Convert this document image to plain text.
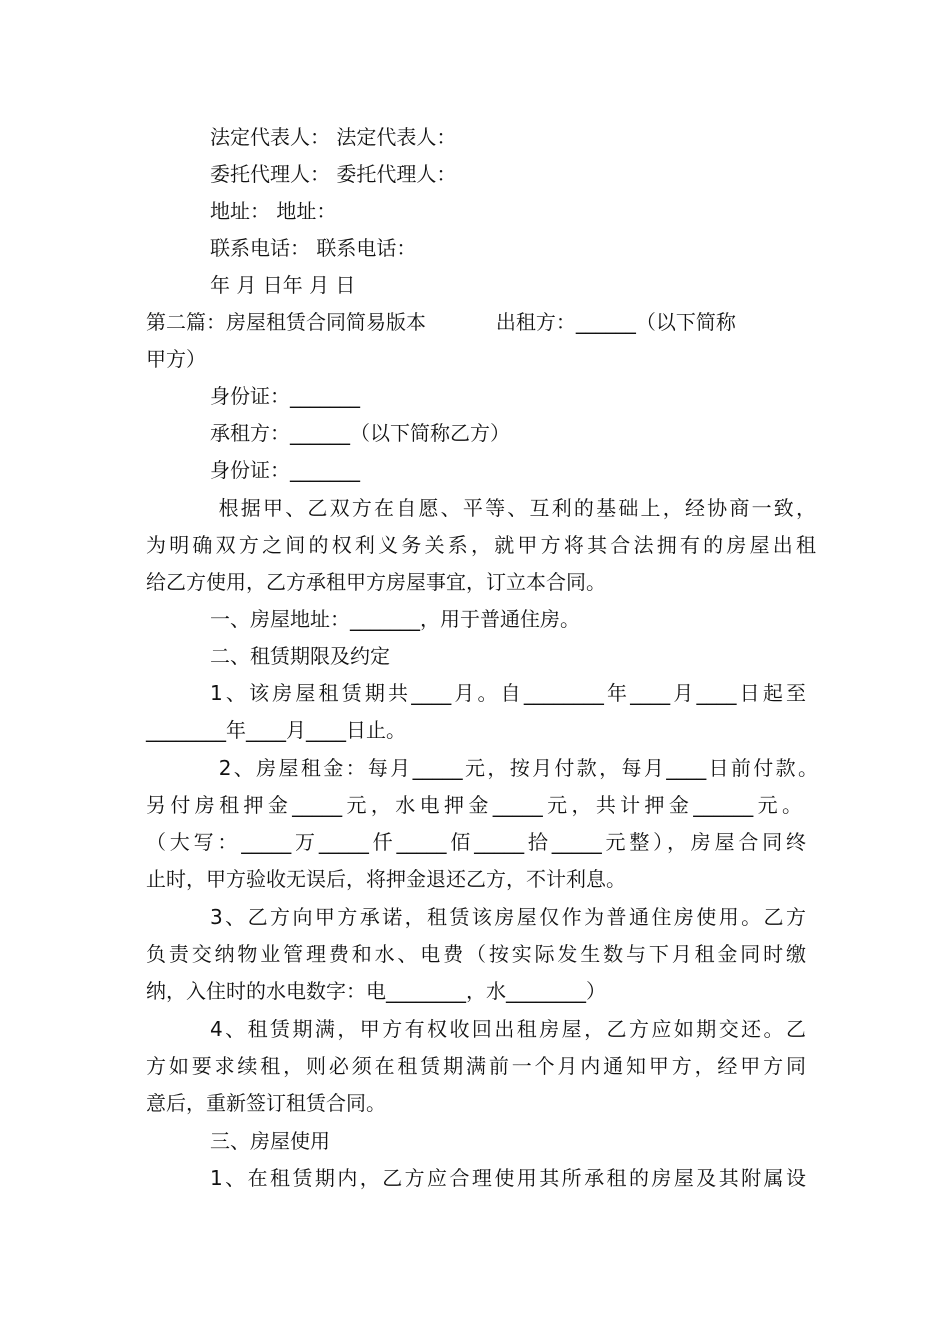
法定代表人： 法定代表人：

委托代理人： 委托代理人：

地址： 地址：

联系电话： 联系电话：

年 月 日年 月 日

第二篇：房屋租赁合同简易版本           出租方：______（以下简称

甲方）

身份证：_______

承租方：______（以下简称乙方）

身份证：_______

根据甲、乙双方在自愿、平等、互利的基础上，经协商一致，

为明确双方之间的权利义务关系，就甲方将其合法拥有的房屋出租

给乙方使用，乙方承租甲方房屋事宜，订立本合同。

一、房屋地址：_______，用于普通住房。

二、租赁期限及约定

1、该房屋租赁期共____月。自________年____月____日起至

________年____月____日止。

2、房屋租金：每月_____元，按月付款，每月____日前付款。

另付房租押金_____元，水电押金_____元，共计押金______元。

（大写：_____万_____仟_____佰_____拾_____元整），房屋合同终

止时，甲方验收无误后，将押金退还乙方，不计利息。

3、乙方向甲方承诺，租赁该房屋仅作为普通住房使用。乙方

负责交纳物业管理费和水、电费（按实际发生数与下月租金同时缴

纳，入住时的水电数字：电________，水________）

4、租赁期满，甲方有权收回出租房屋，乙方应如期交还。乙

方如要求续租，则必须在租赁期满前一个月内通知甲方，经甲方同

意后，重新签订租赁合同。

三、房屋使用

1、在租赁期内，乙方应合理使用其所承租的房屋及其附属设
